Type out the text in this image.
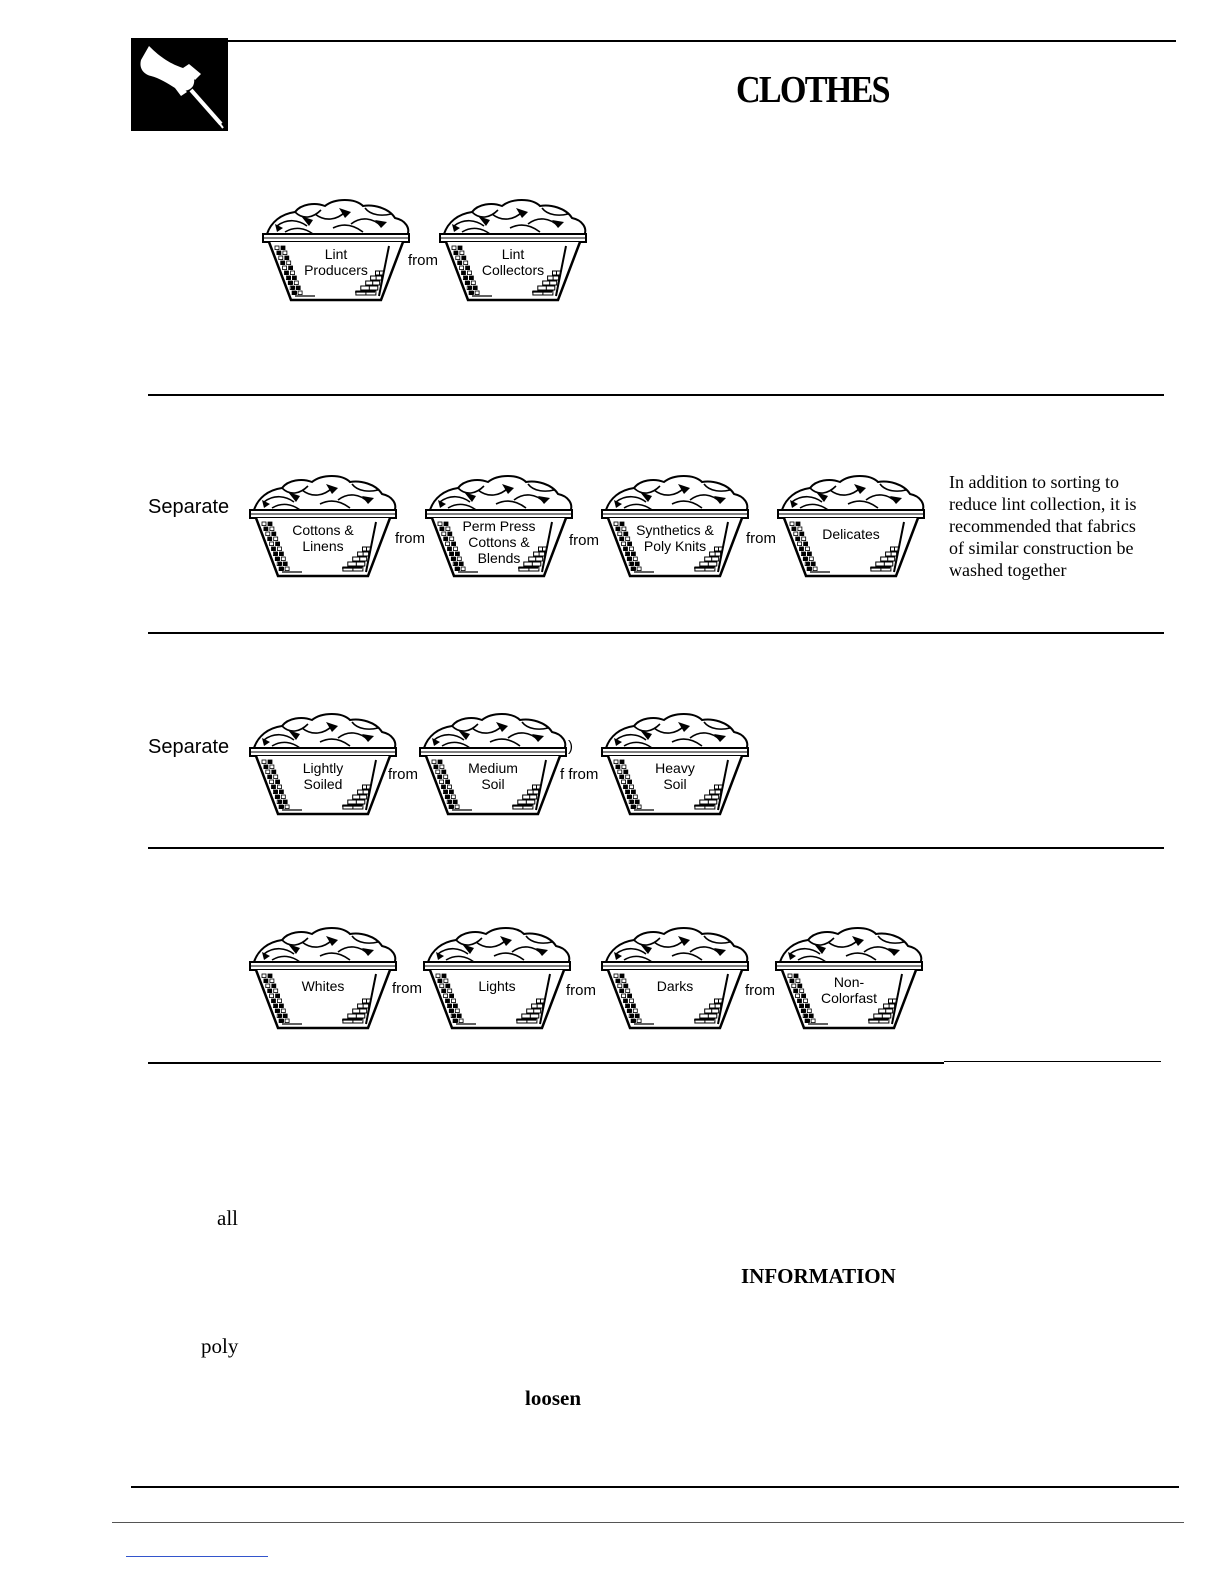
CLOTHES
Lint
Producers
from	Lint
Collectors
Separate
Cottons &
Linens	from
Perm Press
Cottons &
Blends
from
Synthetics &
Poly Knits	from	Delicates
In addition to sorting to
reduce lint collection, it is
recommended that fabrics
of similar construction be
washed together
Separate
Lightly
Soiled
from	Medium
Soil
)
f from	Heavy
Soil
Whites	from	Lights	from	Darks	from	Non-
Colorfast
all
INFORMATION
poly
loosen
